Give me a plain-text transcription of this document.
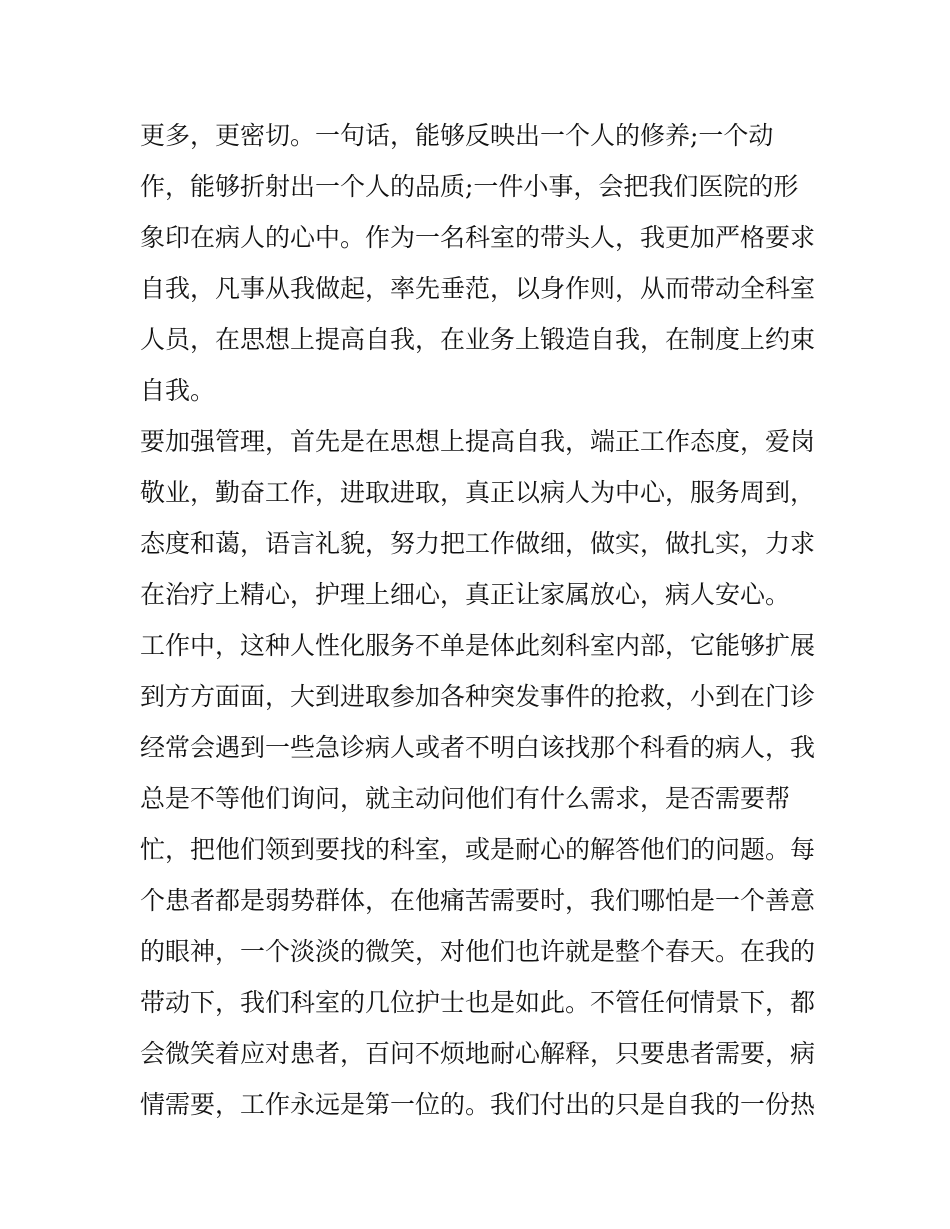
更多，更密切。一句话，能够反映出一个人的修养;一个动
作，能够折射出一个人的品质;一件小事，会把我们医院的形
象印在病人的心中。作为一名科室的带头人，我更加严格要求
自我，凡事从我做起，率先垂范，以身作则，从而带动全科室
人员，在思想上提高自我，在业务上锻造自我，在制度上约束
自我。
要加强管理，首先是在思想上提高自我，端正工作态度，爱岗
敬业，勤奋工作，进取进取，真正以病人为中心，服务周到，
态度和蔼，语言礼貌，努力把工作做细，做实，做扎实，力求
在治疗上精心，护理上细心，真正让家属放心，病人安心。
工作中，这种人性化服务不单是体此刻科室内部，它能够扩展
到方方面面，大到进取参加各种突发事件的抢救，小到在门诊
经常会遇到一些急诊病人或者不明白该找那个科看的病人，我
总是不等他们询问，就主动问他们有什么需求，是否需要帮
忙，把他们领到要找的科室，或是耐心的解答他们的问题。每
个患者都是弱势群体，在他痛苦需要时，我们哪怕是一个善意
的眼神，一个淡淡的微笑，对他们也许就是整个春天。在我的
带动下，我们科室的几位护士也是如此。不管任何情景下，都
会微笑着应对患者，百问不烦地耐心解释，只要患者需要，病
情需要，工作永远是第一位的。我们付出的只是自我的一份热
